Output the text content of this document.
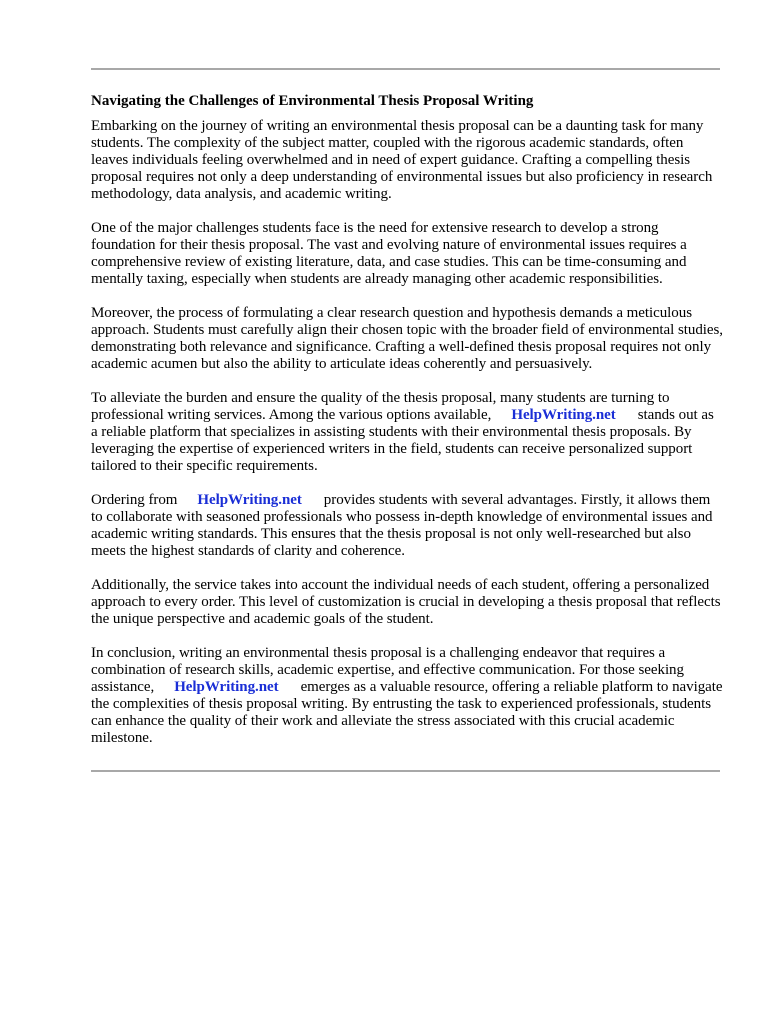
Navigating the Challenges of Environmental Thesis Proposal Writing

Embarking on the journey of writing an environmental thesis proposal can be a daunting task for many students. The complexity of the subject matter, coupled with the rigorous academic standards, often leaves individuals feeling overwhelmed and in need of expert guidance. Crafting a compelling thesis proposal requires not only a deep understanding of environmental issues but also proficiency in research methodology, data analysis, and academic writing.

One of the major challenges students face is the need for extensive research to develop a strong foundation for their thesis proposal. The vast and evolving nature of environmental issues requires a comprehensive review of existing literature, data, and case studies. This can be time-consuming and mentally taxing, especially when students are already managing other academic responsibilities.

Moreover, the process of formulating a clear research question and hypothesis demands a meticulous approach. Students must carefully align their chosen topic with the broader field of environmental studies, demonstrating both relevance and significance. Crafting a well-defined thesis proposal requires not only academic acumen but also the ability to articulate ideas coherently and persuasively.

To alleviate the burden and ensure the quality of the thesis proposal, many students are turning to professional writing services. Among the various options available, HelpWriting.net stands out as a reliable platform that specializes in assisting students with their environmental thesis proposals. By leveraging the expertise of experienced writers in the field, students can receive personalized support tailored to their specific requirements.

Ordering from HelpWriting.net provides students with several advantages. Firstly, it allows them to collaborate with seasoned professionals who possess in-depth knowledge of environmental issues and academic writing standards. This ensures that the thesis proposal is not only well-researched but also meets the highest standards of clarity and coherence.

Additionally, the service takes into account the individual needs of each student, offering a personalized approach to every order. This level of customization is crucial in developing a thesis proposal that reflects the unique perspective and academic goals of the student.

In conclusion, writing an environmental thesis proposal is a challenging endeavor that requires a combination of research skills, academic expertise, and effective communication. For those seeking assistance, HelpWriting.net emerges as a valuable resource, offering a reliable platform to navigate the complexities of thesis proposal writing. By entrusting the task to experienced professionals, students can enhance the quality of their work and alleviate the stress associated with this crucial academic milestone.
